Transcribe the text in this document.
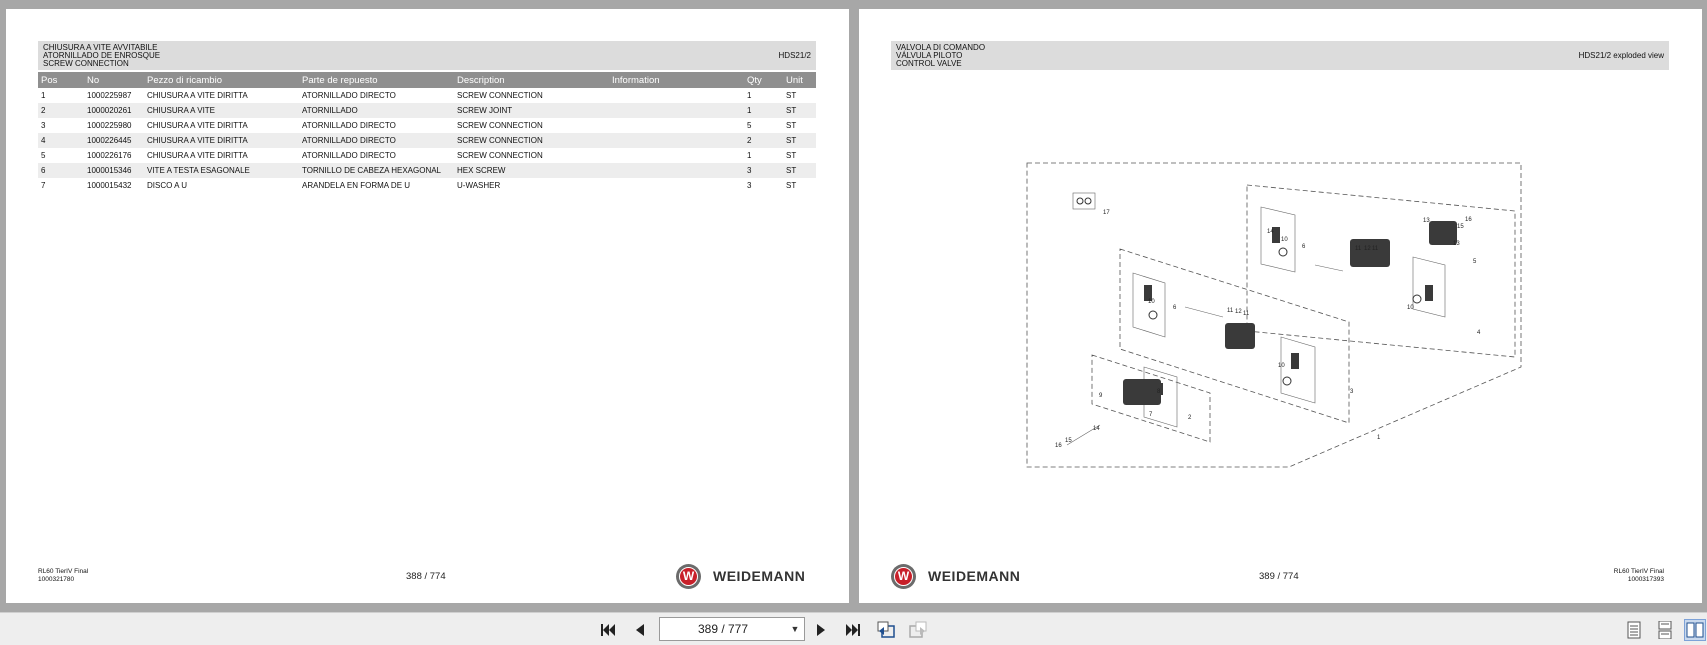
CHIUSURA A VITE AVVITABILE
ATORNILLADO DE ENROSQUE
SCREW CONNECTION
HDS21/2
Pos	No	Pezzo di ricambio	Parte de repuesto	Description	Information	Qty	Unit
1	1000225987	CHIUSURA A VITE DIRITTA	ATORNILLADO DIRECTO	SCREW CONNECTION		1	ST
2	1000020261	CHIUSURA A VITE	ATORNILLADO	SCREW JOINT		1	ST
3	1000225980	CHIUSURA A VITE DIRITTA	ATORNILLADO DIRECTO	SCREW CONNECTION		5	ST
4	1000226445	CHIUSURA A VITE DIRITTA	ATORNILLADO DIRECTO	SCREW CONNECTION		2	ST
5	1000226176	CHIUSURA A VITE DIRITTA	ATORNILLADO DIRECTO	SCREW CONNECTION		1	ST
6	1000015346	VITE A TESTA ESAGONALE	TORNILLO DE CABEZA HEXAGONAL	HEX SCREW		3	ST
7	1000015432	DISCO A U	ARANDELA EN FORMA DE U	U-WASHER		3	ST
RL60 TierIV Final
1000321780	388 / 774	W WEIDEMANN
VALVOLA DI COMANDO
VÁLVULA PILOTO
CONTROL VALVE
HDS21/2 exploded view
1
2
3
4
5
6
6
7
8
9
10
10
10
10
11 11
11 11
12
12
13
13
14
14
15
15
16
16
17
W WEIDEMANN	389 / 774	RL60 TierIV Final
1000317393
389 / 777	▼
